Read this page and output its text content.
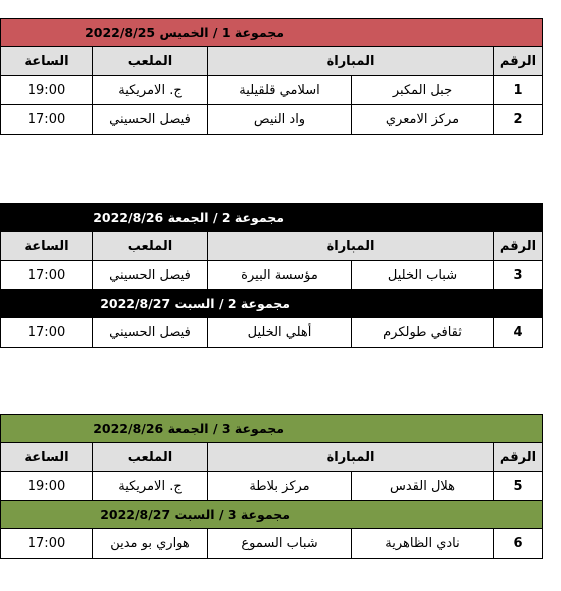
مجموعة 1 / الخميس 2022/8/25
الساعة	الملعب	المباراة	الرقم
19:00	ج. الامريكية	اسلامي قلقيلية	جبل المكبر	1
17:00	فيصل الحسيني	واد النيص	مركز الامعري	2
مجموعة 2 / الجمعة 2022/8/26
الساعة	الملعب	المباراة	الرقم
17:00	فيصل الحسيني	مؤسسة البيرة	شباب الخليل	3
مجموعة 2 / السبت 2022/8/27
17:00	فيصل الحسيني	أهلي الخليل	ثقافي طولكرم	4
مجموعة 3 / الجمعة 2022/8/26
الساعة	الملعب	المباراة	الرقم
19:00	ج. الامريكية	مركز بلاطة	هلال القدس	5
مجموعة 3 / السبت 2022/8/27
17:00	هواري بو مدين	شباب السموع	نادي الظاهرية	6
